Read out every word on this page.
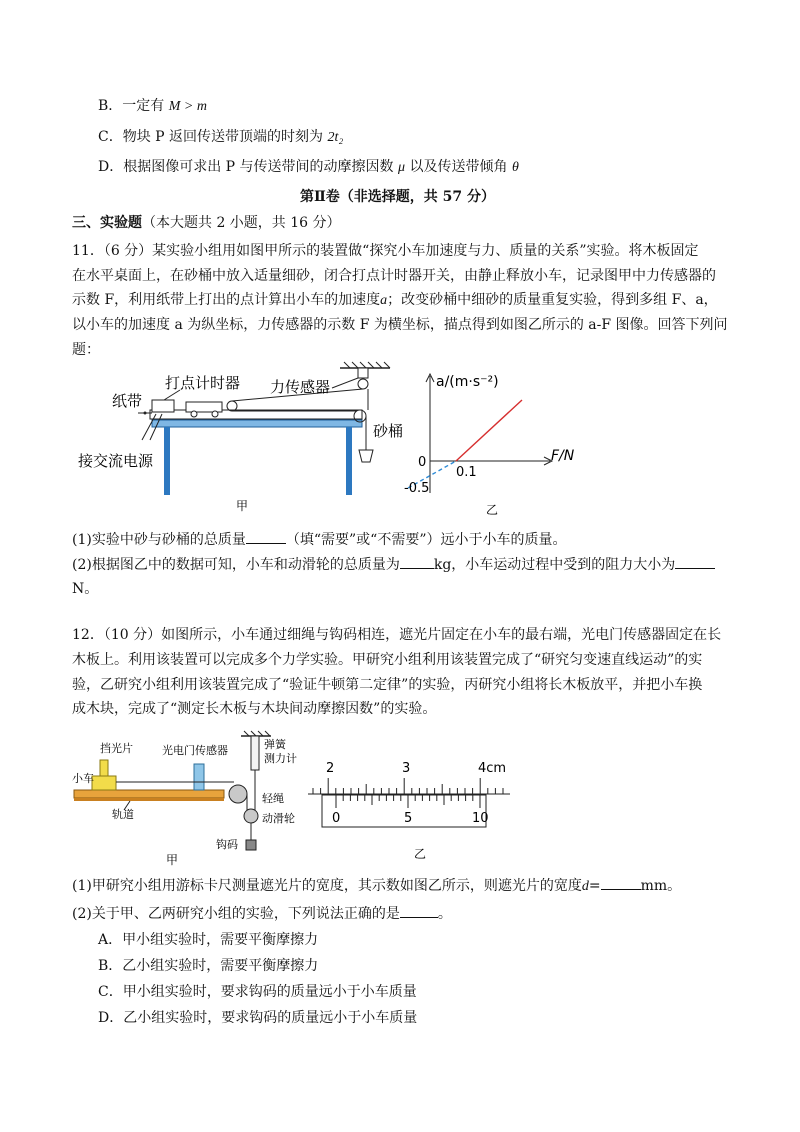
B．一定有 M > m
C．物块 P 返回传送带顶端的时刻为 2t₂
D．根据图像可求出 P 与传送带间的动摩擦因数 μ 以及传送带倾角 θ
第Ⅱ卷（非选择题，共 57 分）
三、实验题（本大题共 2 小题，共 16 分）
11．（6 分）某实验小组用如图甲所示的装置做“探究小车加速度与力、质量的关系”实验。将木板固定
在水平桌面上，在砂桶中放入适量细砂，闭合打点计时器开关，由静止释放小车，记录图甲中力传感器的
示数 F，利用纸带上打出的点计算出小车的加速度a；改变砂桶中细砂的质量重复实验，得到多组 F、a，
以小车的加速度 a 为纵坐标，力传感器的示数 F 为横坐标，描点得到如图乙所示的 a-F 图像。回答下列问
题：
打点计时器
纸带
力传感器
砂桶
接交流电源
甲
a/(m·s⁻²)
F/N
0
0.1
-0.5
乙
(1)实验中砂与砂桶的总质量	（填“需要”或“不需要”）远小于小车的质量。
(2)根据图乙中的数据可知，小车和动滑轮的总质量为 kg，小车运动过程中受到的阻力大小为
N。
12．（10 分）如图所示，小车通过细绳与钩码相连，遮光片固定在小车的最右端，光电门传感器固定在长
木板上。利用该装置可以完成多个力学实验。甲研究小组利用该装置完成了“研究匀变速直线运动”的实
验，乙研究小组利用该装置完成了“验证牛顿第二定律”的实验，丙研究小组将长木板放平，并把小车换
成木块，完成了“测定长木板与木块间动摩擦因数”的实验。
挡光片	光电门传感器	弹簧
测力计
小车
轻绳
轨道	动滑轮
钩码
甲
2	3	4cm
0	5	10
乙
(1)甲研究小组用游标卡尺测量遮光片的宽度，其示数如图乙所示，则遮光片的宽度d=	mm。
(2)关于甲、乙两研究小组的实验，下列说法正确的是	。
A．甲小组实验时，需要平衡摩擦力
B．乙小组实验时，需要平衡摩擦力
C．甲小组实验时，要求钩码的质量远小于小车质量
D．乙小组实验时，要求钩码的质量远小于小车质量
